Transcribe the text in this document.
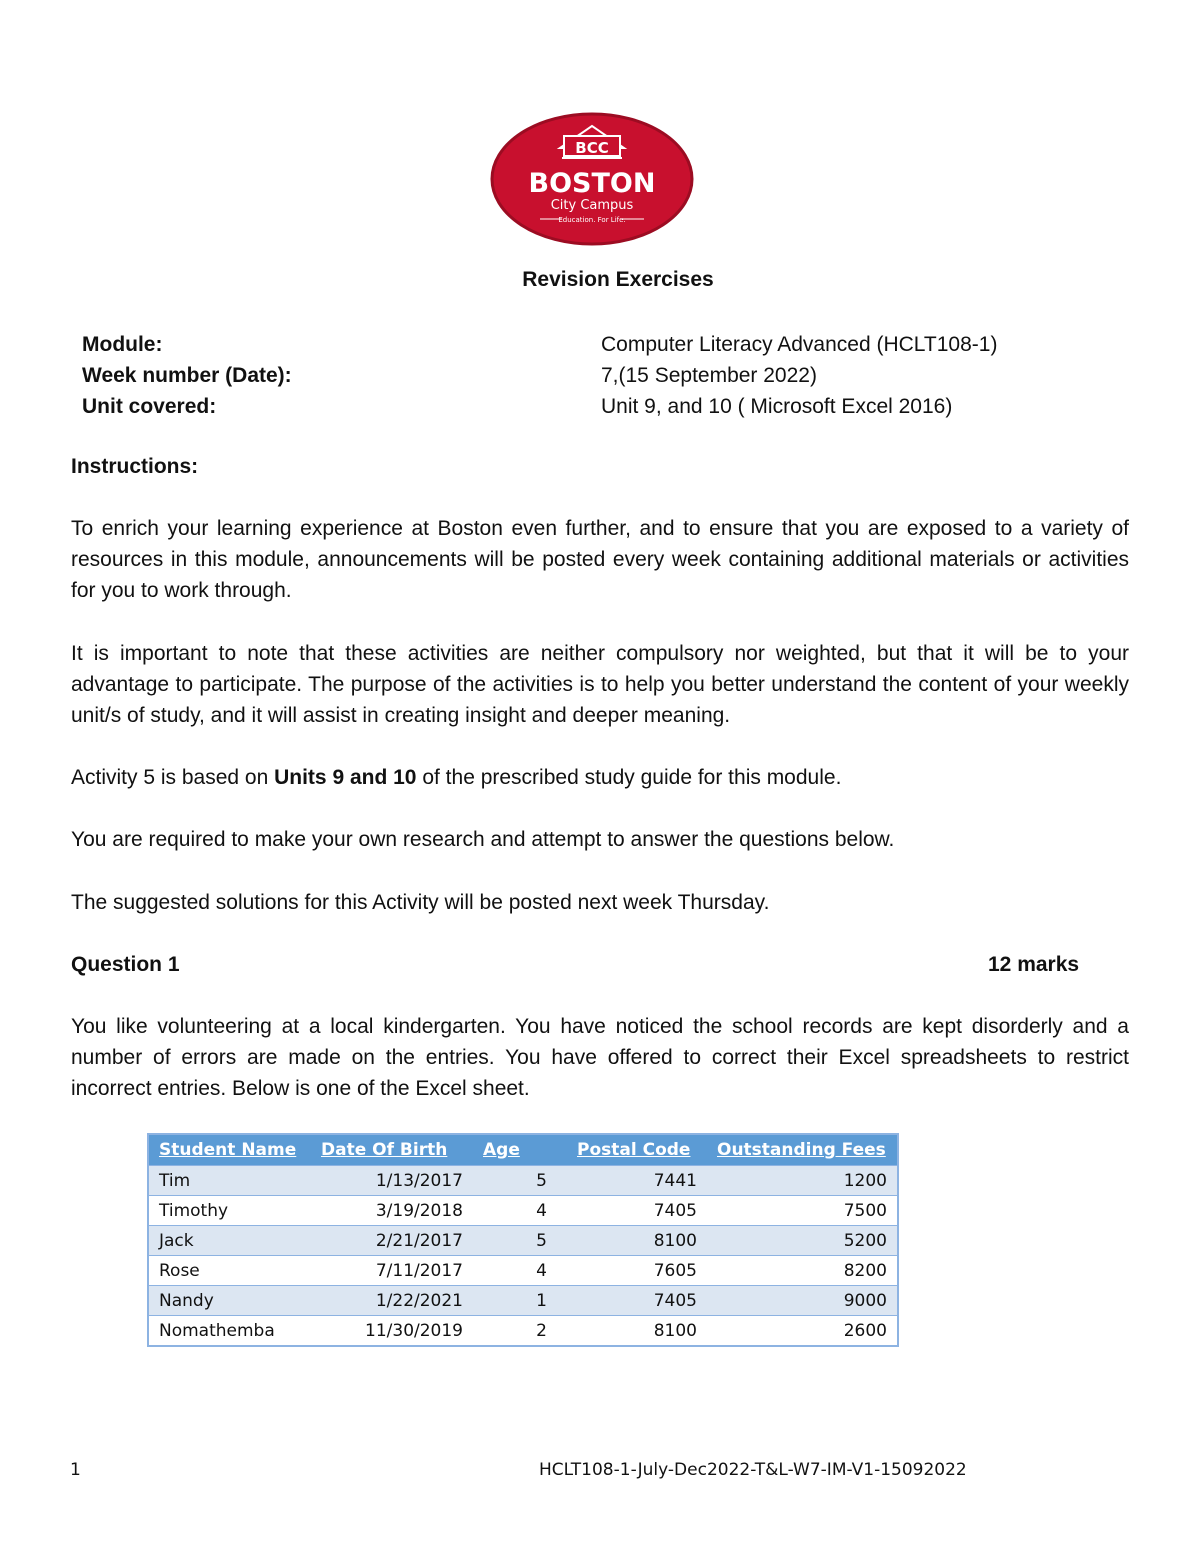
BCC
BOSTON
City Campus
Education. For Life.
Revision Exercises
Module:	Computer Literacy Advanced (HCLT108-1)
Week number (Date):	7,(15 September 2022)
Unit covered:	Unit 9, and 10 ( Microsoft Excel 2016)
Instructions:
To enrich your learning experience at Boston even further, and to ensure that you are exposed to a variety of resources in this module, announcements will be posted every week containing additional materials or activities for you to work through.
It is important to note that these activities are neither compulsory nor weighted, but that it will be to your advantage to participate. The purpose of the activities is to help you better understand the content of your weekly unit/s of study, and it will assist in creating insight and deeper meaning.
Activity 5 is based on Units 9 and 10 of the prescribed study guide for this module.
You are required to make your own research and attempt to answer the questions below.
The suggested solutions for this Activity will be posted next week Thursday.
Question 1	12 marks
You like volunteering at a local kindergarten. You have noticed the school records are kept disorderly and a number of errors are made on the entries. You have offered to correct their Excel spreadsheets to restrict incorrect entries. Below is one of the Excel sheet.
Student Name	Date Of Birth	Age	Postal Code	Outstanding Fees
Tim	1/13/2017	5	7441	1200
Timothy	3/19/2018	4	7405	7500
Jack	2/21/2017	5	8100	5200
Rose	7/11/2017	4	7605	8200
Nandy	1/22/2021	1	7405	9000
Nomathemba	11/30/2019	2	8100	2600
1	HCLT108-1-July-Dec2022-T&L-W7-IM-V1-15092022
